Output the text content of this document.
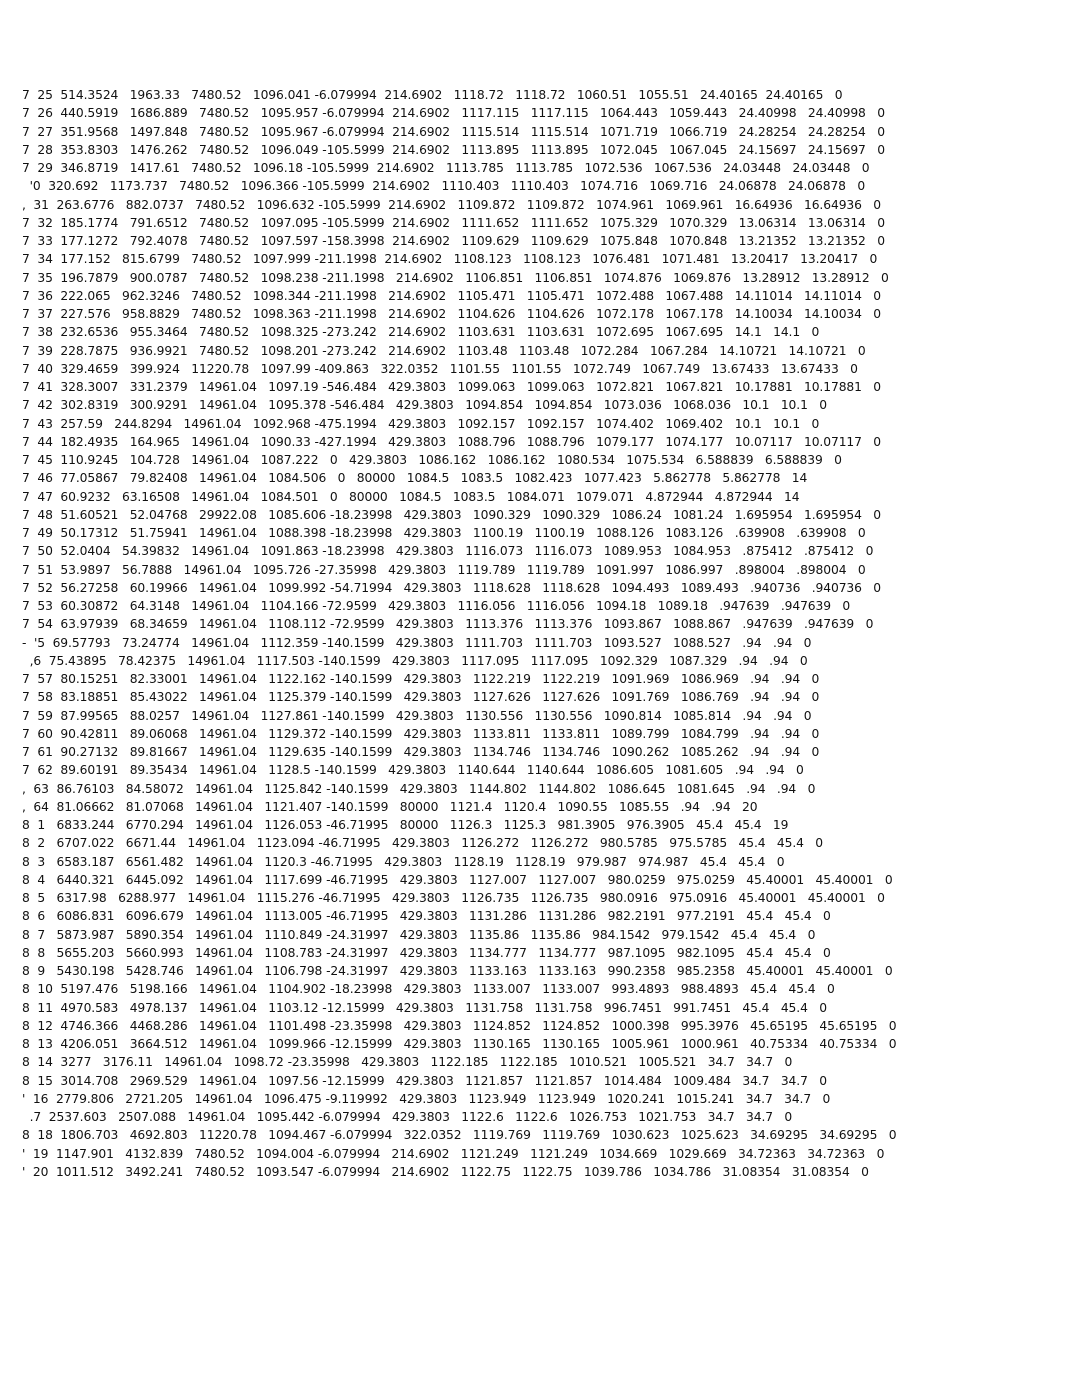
7  25  514.3524   1963.33   7480.52   1096.041 -6.079994  214.6902   1118.72   1118.72   1060.51   1055.51   24.40165  24.40165   0
7  26  440.5919   1686.889   7480.52   1095.957 -6.079994  214.6902   1117.115   1117.115   1064.443   1059.443   24.40998   24.40998   0
7  27  351.9568   1497.848   7480.52   1095.967 -6.079994  214.6902   1115.514   1115.514   1071.719   1066.719   24.28254   24.28254   0
7  28  353.8303   1476.262   7480.52   1096.049 -105.5999  214.6902   1113.895   1113.895   1072.045   1067.045   24.15697   24.15697   0
7  29  346.8719   1417.61   7480.52   1096.18 -105.5999  214.6902   1113.785   1113.785   1072.536   1067.536   24.03448   24.03448   0
'0  320.692   1173.737   7480.52   1096.366 -105.5999  214.6902   1110.403   1110.403   1074.716   1069.716   24.06878   24.06878   0
,  31  263.6776   882.0737   7480.52   1096.632 -105.5999  214.6902   1109.872   1109.872   1074.961   1069.961   16.64936   16.64936   0
7  32  185.1774   791.6512   7480.52   1097.095 -105.5999  214.6902   1111.652   1111.652   1075.329   1070.329   13.06314   13.06314   0
7  33  177.1272   792.4078   7480.52   1097.597 -158.3998  214.6902   1109.629   1109.629   1075.848   1070.848   13.21352   13.21352   0
7  34  177.152   815.6799   7480.52   1097.999 -211.1998  214.6902   1108.123   1108.123   1076.481   1071.481   13.20417   13.20417   0
7  35  196.7879   900.0787   7480.52   1098.238 -211.1998   214.6902   1106.851   1106.851   1074.876   1069.876   13.28912   13.28912   0
7  36  222.065   962.3246   7480.52   1098.344 -211.1998   214.6902   1105.471   1105.471   1072.488   1067.488   14.11014   14.11014   0
7  37  227.576   958.8829   7480.52   1098.363 -211.1998   214.6902   1104.626   1104.626   1072.178   1067.178   14.10034   14.10034   0
7  38  232.6536   955.3464   7480.52   1098.325 -273.242   214.6902   1103.631   1103.631   1072.695   1067.695   14.1   14.1   0
7  39  228.7875   936.9921   7480.52   1098.201 -273.242   214.6902   1103.48   1103.48   1072.284   1067.284   14.10721   14.10721   0
7  40  329.4659   399.924   11220.78   1097.99 -409.863   322.0352   1101.55   1101.55   1072.749   1067.749   13.67433   13.67433   0
7  41  328.3007   331.2379   14961.04   1097.19 -546.484   429.3803   1099.063   1099.063   1072.821   1067.821   10.17881   10.17881   0
7  42  302.8319   300.9291   14961.04   1095.378 -546.484   429.3803   1094.854   1094.854   1073.036   1068.036   10.1   10.1   0
7  43  257.59   244.8294   14961.04   1092.968 -475.1994   429.3803   1092.157   1092.157   1074.402   1069.402   10.1   10.1   0
7  44  182.4935   164.965   14961.04   1090.33 -427.1994   429.3803   1088.796   1088.796   1079.177   1074.177   10.07117   10.07117   0
7  45  110.9245   104.728   14961.04   1087.222   0   429.3803   1086.162   1086.162   1080.534   1075.534   6.588839   6.588839   0
7  46  77.05867   79.82408   14961.04   1084.506   0   80000   1084.5   1083.5   1082.423   1077.423   5.862778   5.862778   14
7  47  60.9232   63.16508   14961.04   1084.501   0   80000   1084.5   1083.5   1084.071   1079.071   4.872944   4.872944   14
7  48  51.60521   52.04768   29922.08   1085.606 -18.23998   429.3803   1090.329   1090.329   1086.24   1081.24   1.695954   1.695954   0
7  49  50.17312   51.75941   14961.04   1088.398 -18.23998   429.3803   1100.19   1100.19   1088.126   1083.126   .639908   .639908   0
7  50  52.0404   54.39832   14961.04   1091.863 -18.23998   429.3803   1116.073   1116.073   1089.953   1084.953   .875412   .875412   0
7  51  53.9897   56.7888   14961.04   1095.726 -27.35998   429.3803   1119.789   1119.789   1091.997   1086.997   .898004   .898004   0
7  52  56.27258   60.19966   14961.04   1099.992 -54.71994   429.3803   1118.628   1118.628   1094.493   1089.493   .940736   .940736   0
7  53  60.30872   64.3148   14961.04   1104.166 -72.9599   429.3803   1116.056   1116.056   1094.18   1089.18   .947639   .947639   0
7  54  63.97939   68.34659   14961.04   1108.112 -72.9599   429.3803   1113.376   1113.376   1093.867   1088.867   .947639   .947639   0
-  '5  69.57793   73.24774   14961.04   1112.359 -140.1599   429.3803   1111.703   1111.703   1093.527   1088.527   .94   .94   0
,6  75.43895   78.42375   14961.04   1117.503 -140.1599   429.3803   1117.095   1117.095   1092.329   1087.329   .94   .94   0
7  57  80.15251   82.33001   14961.04   1122.162 -140.1599   429.3803   1122.219   1122.219   1091.969   1086.969   .94   .94   0
7  58  83.18851   85.43022   14961.04   1125.379 -140.1599   429.3803   1127.626   1127.626   1091.769   1086.769   .94   .94   0
7  59  87.99565   88.0257   14961.04   1127.861 -140.1599   429.3803   1130.556   1130.556   1090.814   1085.814   .94   .94   0
7  60  90.42811   89.06068   14961.04   1129.372 -140.1599   429.3803   1133.811   1133.811   1089.799   1084.799   .94   .94   0
7  61  90.27132   89.81667   14961.04   1129.635 -140.1599   429.3803   1134.746   1134.746   1090.262   1085.262   .94   .94   0
7  62  89.60191   89.35434   14961.04   1128.5 -140.1599   429.3803   1140.644   1140.644   1086.605   1081.605   .94   .94   0
,  63  86.76103   84.58072   14961.04   1125.842 -140.1599   429.3803   1144.802   1144.802   1086.645   1081.645   .94   .94   0
,  64  81.06662   81.07068   14961.04   1121.407 -140.1599   80000   1121.4   1120.4   1090.55   1085.55   .94   .94   20
8  1   6833.244   6770.294   14961.04   1126.053 -46.71995   80000   1126.3   1125.3   981.3905   976.3905   45.4   45.4   19
8  2   6707.022   6671.44   14961.04   1123.094 -46.71995   429.3803   1126.272   1126.272   980.5785   975.5785   45.4   45.4   0
8  3   6583.187   6561.482   14961.04   1120.3 -46.71995   429.3803   1128.19   1128.19   979.987   974.987   45.4   45.4   0
8  4   6440.321   6445.092   14961.04   1117.699 -46.71995   429.3803   1127.007   1127.007   980.0259   975.0259   45.40001   45.40001   0
8  5   6317.98   6288.977   14961.04   1115.276 -46.71995   429.3803   1126.735   1126.735   980.0916   975.0916   45.40001   45.40001   0
8  6   6086.831   6096.679   14961.04   1113.005 -46.71995   429.3803   1131.286   1131.286   982.2191   977.2191   45.4   45.4   0
8  7   5873.987   5890.354   14961.04   1110.849 -24.31997   429.3803   1135.86   1135.86   984.1542   979.1542   45.4   45.4   0
8  8   5655.203   5660.993   14961.04   1108.783 -24.31997   429.3803   1134.777   1134.777   987.1095   982.1095   45.4   45.4   0
8  9   5430.198   5428.746   14961.04   1106.798 -24.31997   429.3803   1133.163   1133.163   990.2358   985.2358   45.40001   45.40001   0
8  10  5197.476   5198.166   14961.04   1104.902 -18.23998   429.3803   1133.007   1133.007   993.4893   988.4893   45.4   45.4   0
8  11  4970.583   4978.137   14961.04   1103.12 -12.15999   429.3803   1131.758   1131.758   996.7451   991.7451   45.4   45.4   0
8  12  4746.366   4468.286   14961.04   1101.498 -23.35998   429.3803   1124.852   1124.852   1000.398   995.3976   45.65195   45.65195   0
8  13  4206.051   3664.512   14961.04   1099.966 -12.15999   429.3803   1130.165   1130.165   1005.961   1000.961   40.75334   40.75334   0
8  14  3277   3176.11   14961.04   1098.72 -23.35998   429.3803   1122.185   1122.185   1010.521   1005.521   34.7   34.7   0
8  15  3014.708   2969.529   14961.04   1097.56 -12.15999   429.3803   1121.857   1121.857   1014.484   1009.484   34.7   34.7   0
'  16  2779.806   2721.205   14961.04   1096.475 -9.119992   429.3803   1123.949   1123.949   1020.241   1015.241   34.7   34.7   0
.7  2537.603   2507.088   14961.04   1095.442 -6.079994   429.3803   1122.6   1122.6   1026.753   1021.753   34.7   34.7   0
8  18  1806.703   4692.803   11220.78   1094.467 -6.079994   322.0352   1119.769   1119.769   1030.623   1025.623   34.69295   34.69295   0
'  19  1147.901   4132.839   7480.52   1094.004 -6.079994   214.6902   1121.249   1121.249   1034.669   1029.669   34.72363   34.72363   0
'  20  1011.512   3492.241   7480.52   1093.547 -6.079994   214.6902   1122.75   1122.75   1039.786   1034.786   31.08354   31.08354   0
